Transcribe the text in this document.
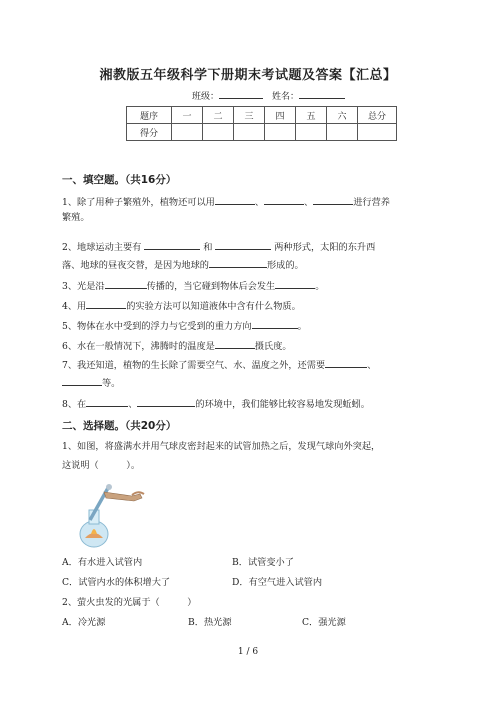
湘教版五年级科学下册期末考试题及答案【汇总】
班级：	姓名：
题序	一	二	三	四	五	六	总分
得分							
一、填空题。（共16分）
1、除了用种子繁殖外，植物还可以用	、	、	进行营养
繁殖。
2、地球运动主要有	和	两种形式，太阳的东升西
落、地球的昼夜交替，是因为地球的	形成的。
3、光是沿	传播的，当它碰到物体后会发生	。
4、用	的实验方法可以知道液体中含有什么物质。
5、物体在水中受到的浮力与它受到的重力方向	。
6、水在一般情况下，沸腾时的温度是	摄氏度。
7、我还知道，植物的生长除了需要空气、水、温度之外，还需要	、
等。
8、在	、	的环境中，我们能够比较容易地发现蚯蚓。
二、选择题。（共20分）
1、如图，将盛满水并用气球皮密封起来的试管加热之后，发现气球向外突起，
这说明（　　　）。
A．有水进入试管内	B．试管变小了
C．试管内水的体积增大了	D．有空气进入试管内
2、萤火虫发的光属于（　　　）
A．冷光源	B．热光源	C．强光源
1 / 6
